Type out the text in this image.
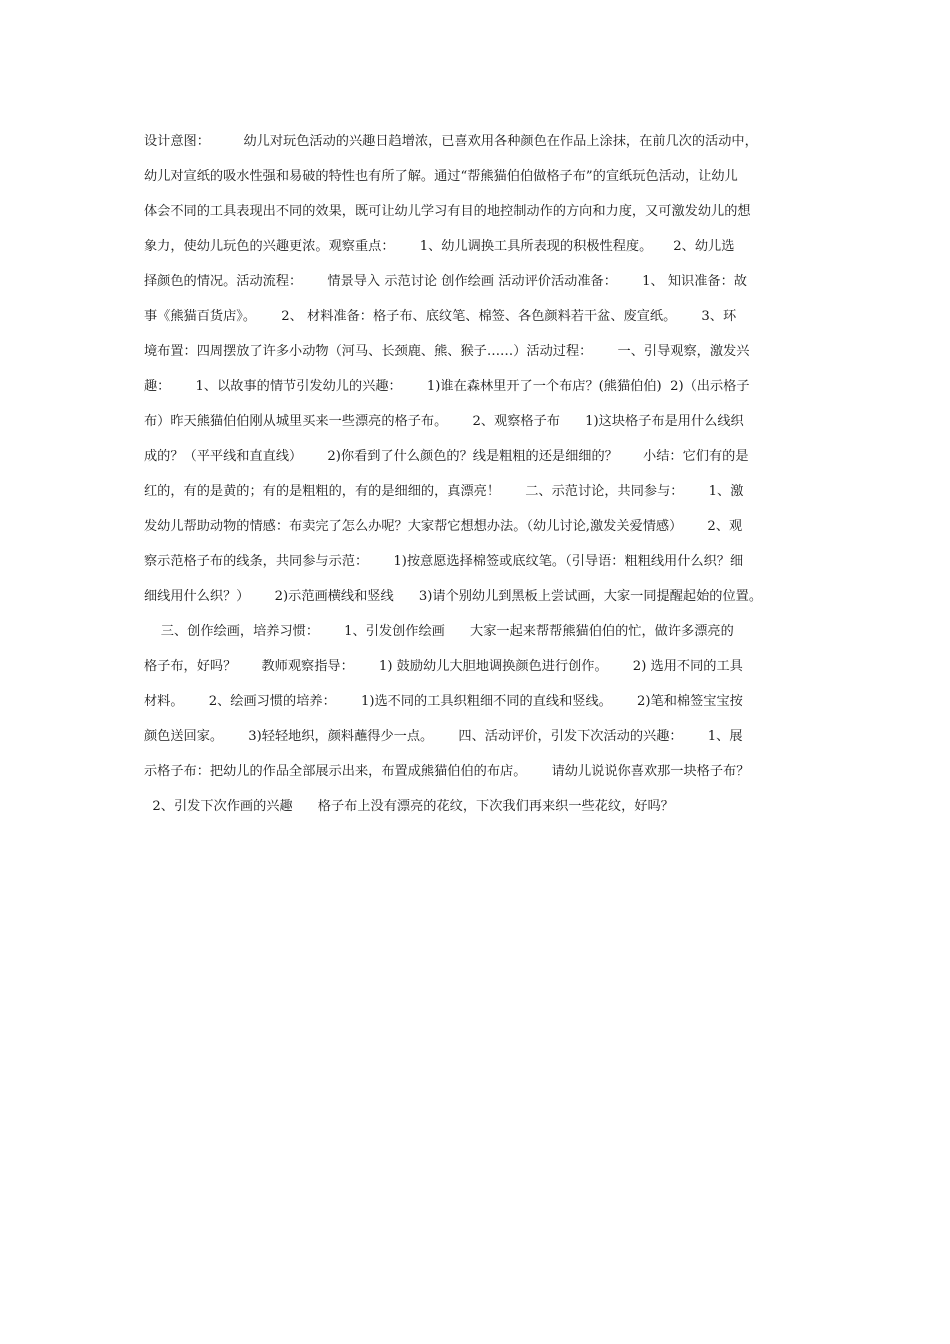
设计意图：        幼儿对玩色活动的兴趣日趋增浓，已喜欢用各种颜色在作品上涂抹，在前几次的活动中，
幼儿对宣纸的吸水性强和易破的特性也有所了解。通过“帮熊猫伯伯做格子布”的宣纸玩色活动，让幼儿
体会不同的工具表现出不同的效果，既可让幼儿学习有目的地控制动作的方向和力度，又可激发幼儿的想
象力，使幼儿玩色的兴趣更浓。观察重点：      1、幼儿调换工具所表现的积极性程度。     2、幼儿选
择颜色的情况。活动流程：      情景导入 示范讨论 创作绘画 活动评价活动准备：      1、 知识准备：故
事《熊猫百货店》。      2、 材料准备：格子布、底纹笔、棉签、各色颜料若干盆、废宣纸。      3、环
境布置：四周摆放了许多小动物（河马、长颈鹿、熊、猴子……）活动过程：      一、引导观察，激发兴
趣：      1、以故事的情节引发幼儿的兴趣：      1)谁在森林里开了一个布店？(熊猫伯伯)  2)（出示格子
布）昨天熊猫伯伯刚从城里买来一些漂亮的格子布。      2、观察格子布      1)这块格子布是用什么线织
成的？（平平线和直直线）      2)你看到了什么颜色的？线是粗粗的还是细细的？      小结：它们有的是
红的，有的是黄的；有的是粗粗的，有的是细细的，真漂亮！      二、示范讨论，共同参与：      1、激
发幼儿帮助动物的情感：布卖完了怎么办呢？大家帮它想想办法。（幼儿讨论,激发关爱情感）      2、观
察示范格子布的线条，共同参与示范：      1)按意愿选择棉签或底纹笔。（引导语：粗粗线用什么织？细
细线用什么织？）      2)示范画横线和竖线      3)请个别幼儿到黑板上尝试画，大家一同提醒起始的位置。
三、创作绘画，培养习惯：      1、引发创作绘画      大家一起来帮帮熊猫伯伯的忙，做许多漂亮的
格子布，好吗？      教师观察指导：      1) 鼓励幼儿大胆地调换颜色进行创作。      2) 选用不同的工具
材料。      2、绘画习惯的培养：      1)选不同的工具织粗细不同的直线和竖线。      2)笔和棉签宝宝按
颜色送回家。      3)轻轻地织，颜料蘸得少一点。      四、活动评价，引发下次活动的兴趣：      1、展
示格子布：把幼儿的作品全部展示出来，布置成熊猫伯伯的布店。      请幼儿说说你喜欢那一块格子布？
2、引发下次作画的兴趣      格子布上没有漂亮的花纹，下次我们再来织一些花纹，好吗？
